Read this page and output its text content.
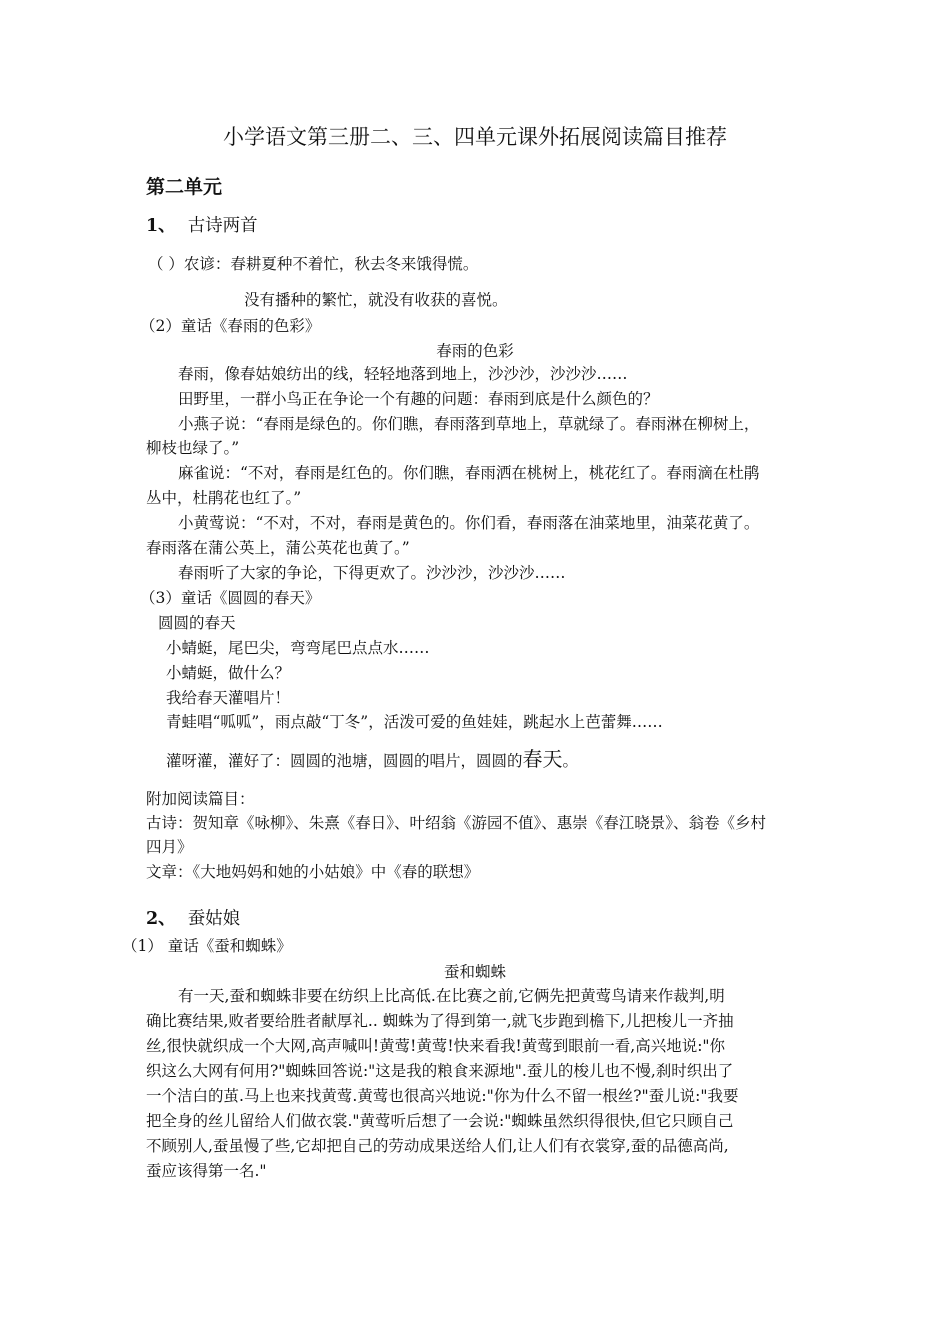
小学语文第三册二、三、四单元课外拓展阅读篇目推荐
第二单元
1、 古诗两首

（ ）农谚：春耕夏种不着忙，秋去冬来饿得慌。

没有播种的繁忙，就没有收获的喜悦。

（2）童话《春雨的色彩》

春雨的色彩

春雨，像春姑娘纺出的线，轻轻地落到地上，沙沙沙，沙沙沙……

田野里，一群小鸟正在争论一个有趣的问题：春雨到底是什么颜色的？

小燕子说：“春雨是绿色的。你们瞧，春雨落到草地上，草就绿了。春雨淋在柳树上，

柳枝也绿了。”

麻雀说：“不对，春雨是红色的。你们瞧，春雨洒在桃树上，桃花红了。春雨滴在杜鹃

丛中，杜鹃花也红了。”

小黄莺说：“不对，不对，春雨是黄色的。你们看，春雨落在油菜地里，油菜花黄了。

春雨落在蒲公英上，蒲公英花也黄了。”

春雨听了大家的争论，下得更欢了。沙沙沙，沙沙沙……

（3）童话《圆圆的春天》

圆圆的春天

小蜻蜓，尾巴尖，弯弯尾巴点点水……

小蜻蜓，做什么？

我给春天灌唱片！

青蛙唱“呱呱”，雨点敲“丁冬”，活泼可爱的鱼娃娃，跳起水上芭蕾舞……

灌呀灌，灌好了：圆圆的池塘，圆圆的唱片，圆圆的春天。

附加阅读篇目：

古诗：贺知章《咏柳》、朱熹《春日》、叶绍翁《游园不值》、惠崇《春江晓景》、翁卷《乡村

四月》

文章：《大地妈妈和她的小姑娘》中《春的联想》

2、 蚕姑娘

（1） 童话《蚕和蜘蛛》

蚕和蜘蛛

有一天,蚕和蜘蛛非要在纺织上比高低.在比赛之前,它俩先把黄莺鸟请来作裁判,明

确比赛结果,败者要给胜者献厚礼.. 蜘蛛为了得到第一,就飞步跑到檐下,儿把梭儿一齐抽

丝,很快就织成一个大网,高声喊叫!黄莺!黄莺!快来看我!黄莺到眼前一看,高兴地说:"你

织这么大网有何用?"蜘蛛回答说:"这是我的粮食来源地".蚕儿的梭儿也不慢,刹时织出了

一个洁白的茧.马上也来找黄莺.黄莺也很高兴地说:"你为什么不留一根丝?"蚕儿说:"我要

把全身的丝儿留给人们做衣裳."黄莺听后想了一会说:"蜘蛛虽然织得很快,但它只顾自己

不顾别人,蚕虽慢了些,它却把自己的劳动成果送给人们,让人们有衣裳穿,蚕的品德高尚,

蚕应该得第一名."
